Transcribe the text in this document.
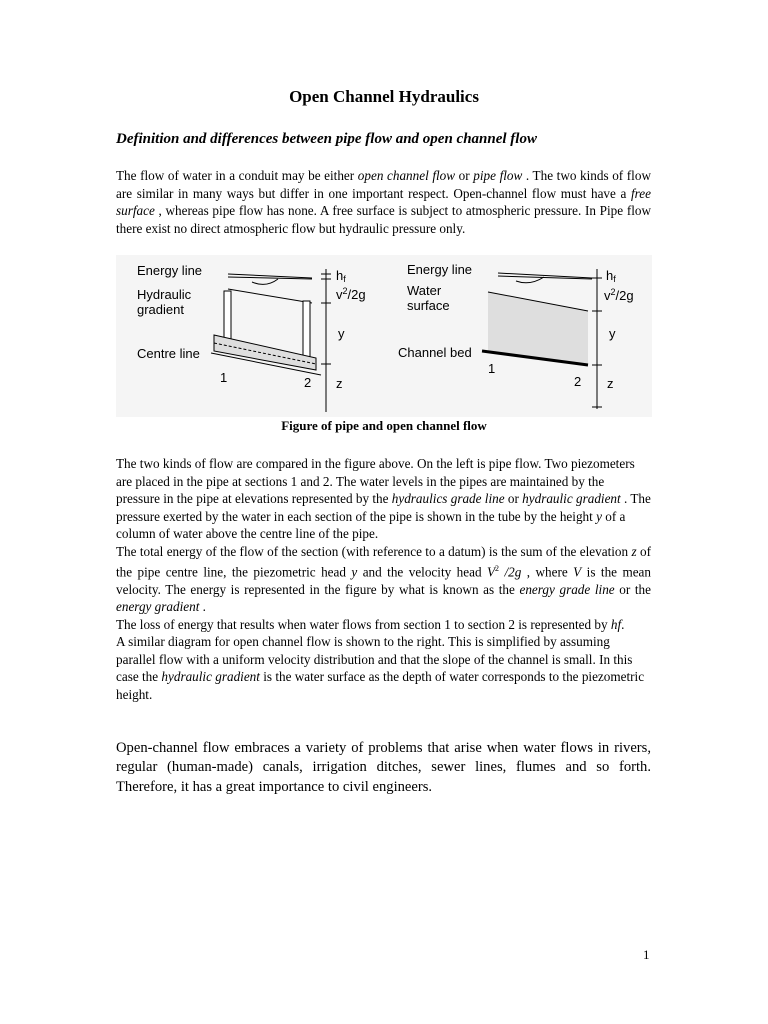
Open Channel Hydraulics
Definition and differences between pipe flow and open channel flow
The flow of water in a conduit may be either open channel flow or pipe flow . The two kinds of flow are similar in many ways but differ in one important respect. Open-channel flow must have a free surface , whereas pipe flow has none. A free surface is subject to atmospheric pressure. In Pipe flow there exist no direct atmospheric flow but hydraulic pressure only.
Energy line
Hydraulic
gradient
Centre line
1	2
hf
$v^2/2g$
y
z
Energy line
Water
surface
Channel bed
1
2
hf
$v^2/2g$
y
z
Figure of pipe and open channel flow
The two kinds of flow are compared in the figure above. On the left is pipe flow. Two piezometers are placed in the pipe at sections 1 and 2. The water levels in the pipes are maintained by the pressure in the pipe at elevations represented by the hydraulics grade line or hydraulic gradient . The pressure exerted by the water in each section of the pipe is shown in the tube by the height y of a column of water above the centre line of the pipe.
The total energy of the flow of the section (with reference to a datum) is the sum of the elevation z of the pipe centre line, the piezometric head y and the velocity head $V^2$ /2g , where V is the mean velocity. The energy is represented in the figure by what is known as the energy grade line or the energy gradient .
The loss of energy that results when water flows from section 1 to section 2 is represented by hf.
A similar diagram for open channel flow is shown to the right. This is simplified by assuming parallel flow with a uniform velocity distribution and that the slope of the channel is small. In this case the hydraulic gradient is the water surface as the depth of water corresponds to the piezometric height.
Open-channel flow embraces a variety of problems that arise when water flows in rivers, regular (human-made) canals, irrigation ditches, sewer lines, flumes and so forth. Therefore, it has a great importance to civil engineers.
1
